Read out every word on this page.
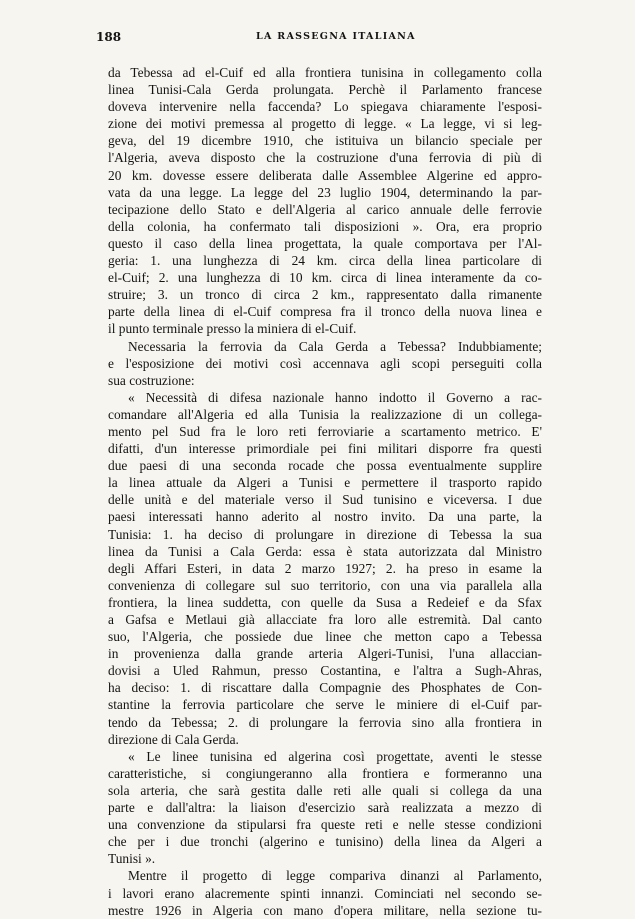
188	LA RASSEGNA ITALIANA
da Tebessa ad el-Cuif ed alla frontiera tunisina in collegamento colla
linea Tunisi-Cala Gerda prolungata. Perchè il Parlamento francese
doveva intervenire nella faccenda? Lo spiegava chiaramente l'esposi-
zione dei motivi premessa al progetto di legge. « La legge, vi si leg-
geva, del 19 dicembre 1910, che istituiva un bilancio speciale per
l'Algeria, aveva disposto che la costruzione d'una ferrovia di più di
20 km. dovesse essere deliberata dalle Assemblee Algerine ed appro-
vata da una legge. La legge del 23 luglio 1904, determinando la par-
tecipazione dello Stato e dell'Algeria al carico annuale delle ferrovie
della colonia, ha confermato tali disposizioni ». Ora, era proprio
questo il caso della linea progettata, la quale comportava per l'Al-
geria: 1. una lunghezza di 24 km. circa della linea particolare di
el-Cuif; 2. una lunghezza di 10 km. circa di linea interamente da co-
struire; 3. un tronco di circa 2 km., rappresentato dalla rimanente
parte della linea di el-Cuif compresa fra il tronco della nuova linea e
il punto terminale presso la miniera di el-Cuif.
Necessaria la ferrovia da Cala Gerda a Tebessa? Indubbiamente;
e l'esposizione dei motivi così accennava agli scopi perseguiti colla
sua costruzione:
« Necessità di difesa nazionale hanno indotto il Governo a rac-
comandare all'Algeria ed alla Tunisia la realizzazione di un collega-
mento pel Sud fra le loro reti ferroviarie a scartamento metrico. E'
difatti, d'un interesse primordiale pei fini militari disporre fra questi
due paesi di una seconda rocade che possa eventualmente supplire
la linea attuale da Algeri a Tunisi e permettere il trasporto rapido
delle unità e del materiale verso il Sud tunisino e viceversa. I due
paesi interessati hanno aderito al nostro invito. Da una parte, la
Tunisia: 1. ha deciso di prolungare in direzione di Tebessa la sua
linea da Tunisi a Cala Gerda: essa è stata autorizzata dal Ministro
degli Affari Esteri, in data 2 marzo 1927; 2. ha preso in esame la
convenienza di collegare sul suo territorio, con una via parallela alla
frontiera, la linea suddetta, con quelle da Susa a Redeief e da Sfax
a Gafsa e Metlaui già allacciate fra loro alle estremità. Dal canto
suo, l'Algeria, che possiede due linee che metton capo a Tebessa
in provenienza dalla grande arteria Algeri-Tunisi, l'una allaccian-
dovisi a Uled Rahmun, presso Costantina, e l'altra a Sugh-Ahras,
ha deciso: 1. di riscattare dalla Compagnie des Phosphates de Con-
stantine la ferrovia particolare che serve le miniere di el-Cuif par-
tendo da Tebessa; 2. di prolungare la ferrovia sino alla frontiera in
direzione di Cala Gerda.
« Le linee tunisina ed algerina così progettate, aventi le stesse
caratteristiche, si congiungeranno alla frontiera e formeranno una
sola arteria, che sarà gestita dalle reti alle quali si collega da una
parte e dall'altra: la liaison d'esercizio sarà realizzata a mezzo di
una convenzione da stipularsi fra queste reti e nelle stesse condizioni
che per i due tronchi (algerino e tunisino) della linea da Algeri a
Tunisi ».
Mentre il progetto di legge compariva dinanzi al Parlamento,
i lavori erano alacremente spinti innanzi. Cominciati nel secondo se-
mestre 1926 in Algeria con mano d'opera militare, nella sezione tu-
